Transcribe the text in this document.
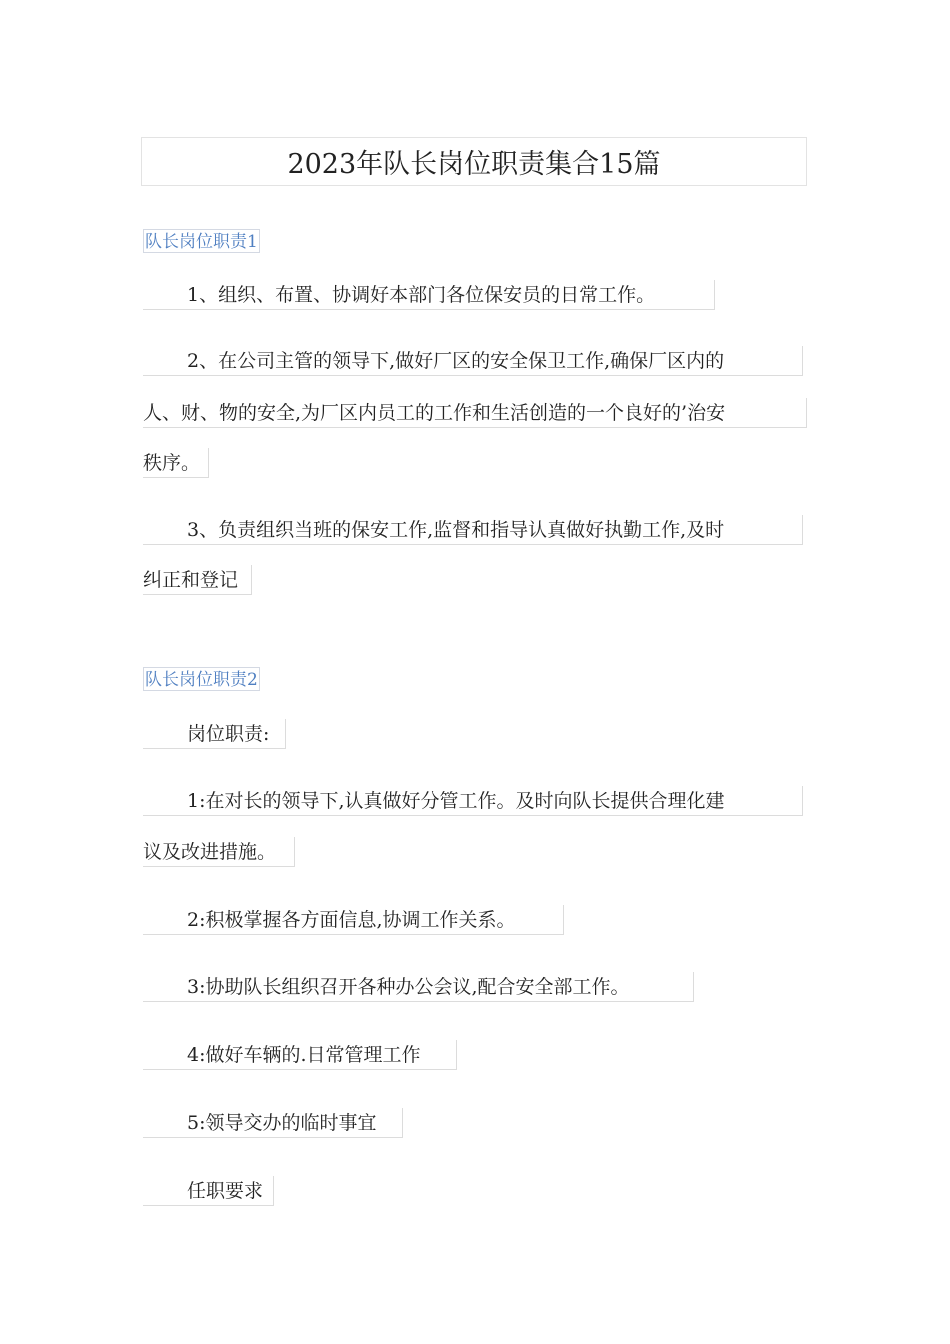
2023年队长岗位职责集合15篇
队长岗位职责1
1、组织、布置、协调好本部门各位保安员的日常工作。
2、在公司主管的领导下,做好厂区的安全保卫工作,确保厂区内的
人、财、物的安全,为厂区内员工的工作和生活创造的一个良好的’治安
秩序。
3、负责组织当班的保安工作,监督和指导认真做好执勤工作,及时
纠正和登记
队长岗位职责2
岗位职责:
1:在对长的领导下,认真做好分管工作。及时向队长提供合理化建
议及改进措施。
2:积极掌握各方面信息,协调工作关系。
3:协助队长组织召开各种办公会议,配合安全部工作。
4:做好车辆的.日常管理工作
5:领导交办的临时事宜
任职要求
